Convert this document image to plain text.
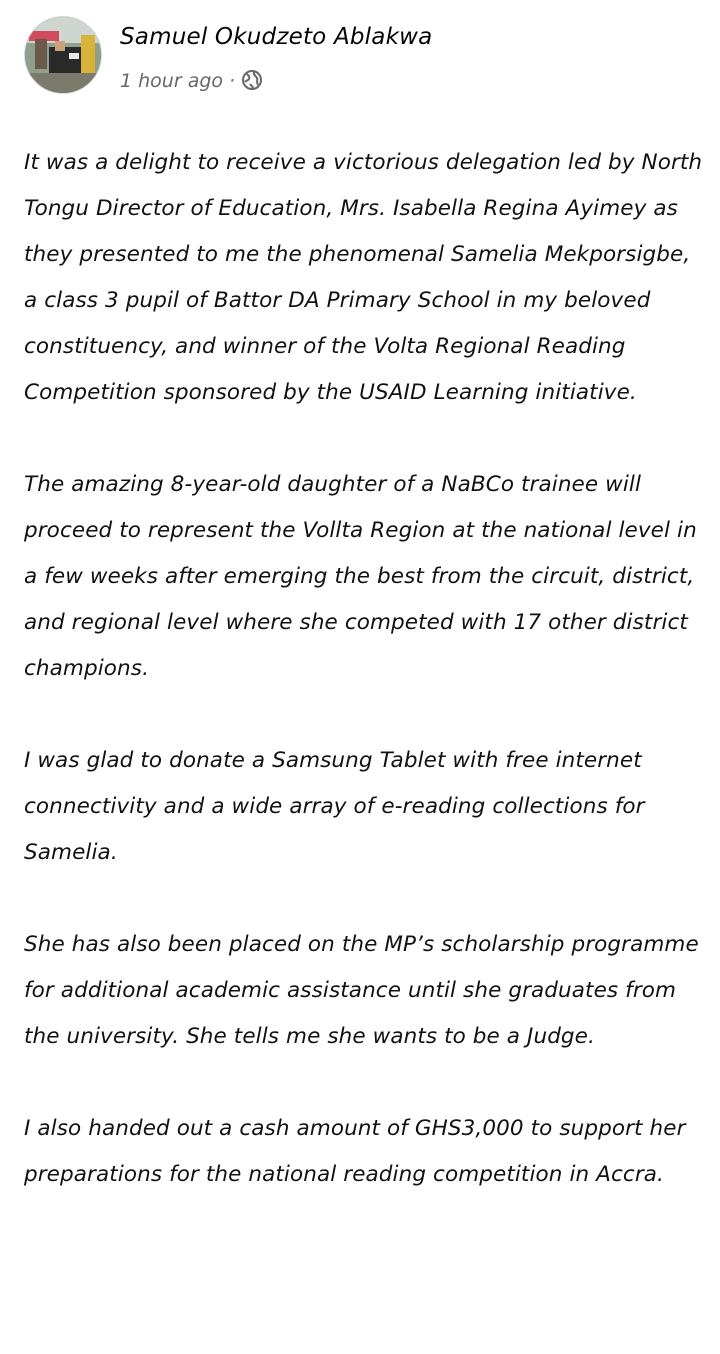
Samuel Okudzeto Ablakwa
1 hour ago ·

It was a delight to receive a victorious delegation led by North Tongu Director of Education, Mrs. Isabella Regina Ayimey as they presented to me the phenomenal Samelia Mekporsigbe, a class 3 pupil of Battor DA Primary School in my beloved constituency, and winner of the Volta Regional Reading Competition sponsored by the USAID Learning initiative.

The amazing 8-year-old daughter of a NaBCo trainee will proceed to represent the Vollta Region at the national level in a few weeks after emerging the best from the circuit, district, and regional level where she competed with 17 other district champions.

I was glad to donate a Samsung Tablet with free internet connectivity and a wide array of e-reading collections for Samelia.

She has also been placed on the MP’s scholarship programme for additional academic assistance until she graduates from the university. She tells me she wants to be a Judge.

I also handed out a cash amount of GHS3,000 to support her preparations for the national reading competition in Accra.
